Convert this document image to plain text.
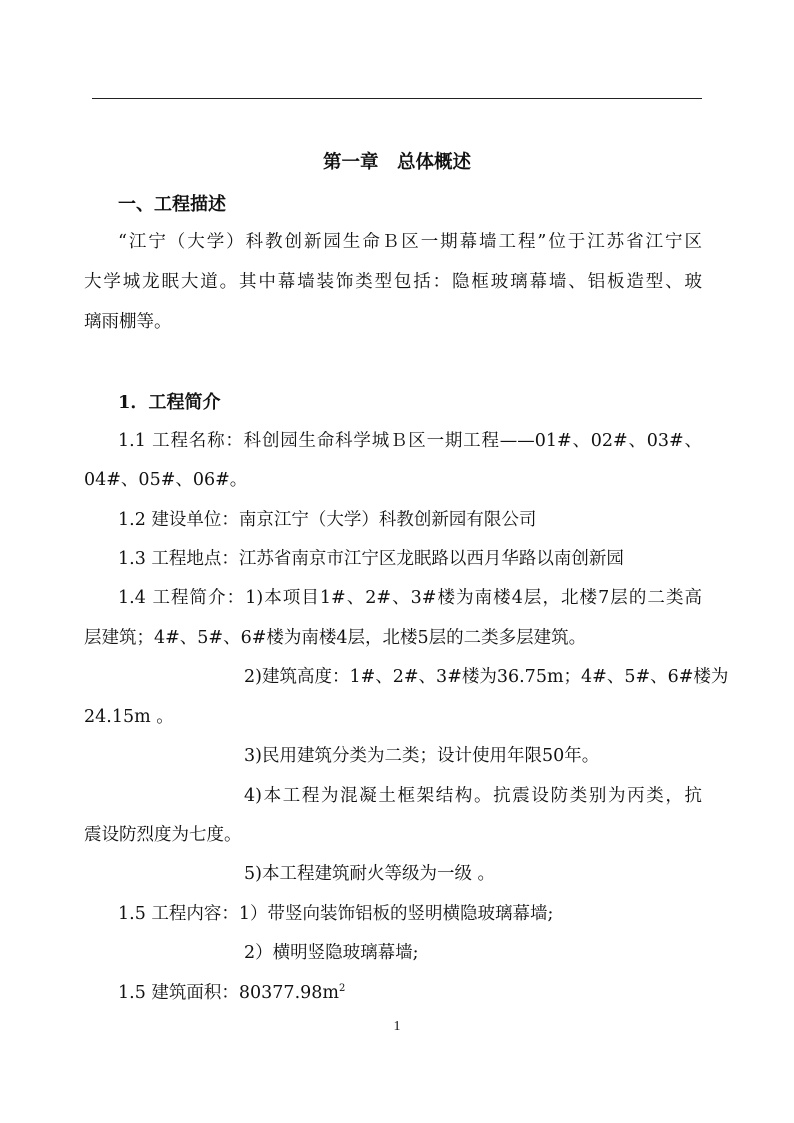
第一章　总体概述
一、工程描述
“江宁（大学）科教创新园生命Ｂ区一期幕墙工程”位于江苏省江宁区
大学城龙眠大道。其中幕墙装饰类型包括：隐框玻璃幕墙、铝板造型、玻
璃雨棚等。
1．工程简介
1.1 工程名称：科创园生命科学城Ｂ区一期工程——01#、02#、03#、
04#、05#、06#。
1.2 建设单位：南京江宁（大学）科教创新园有限公司
1.3 工程地点：江苏省南京市江宁区龙眠路以西月华路以南创新园
1.4 工程简介：1)本项目1#、2#、3#楼为南楼4层，北楼7层的二类高
层建筑；4#、5#、6#楼为南楼4层，北楼5层的二类多层建筑。
2)建筑高度：1#、2#、3#楼为36.75m；4#、5#、6#楼为
24.15m 。
3)民用建筑分类为二类；设计使用年限50年。
4)本工程为混凝土框架结构。抗震设防类别为丙类，抗
震设防烈度为七度。
5)本工程建筑耐火等级为一级 。
1.5 工程内容：1）带竖向装饰铝板的竖明横隐玻璃幕墙;
2）横明竖隐玻璃幕墙;
1.5 建筑面积：$80377.98m^2$
1
